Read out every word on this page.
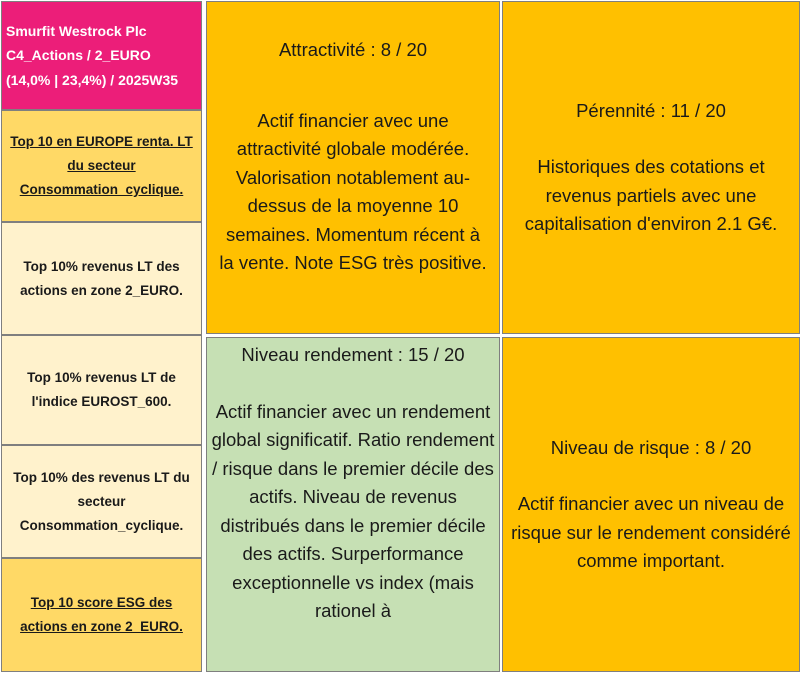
Smurfit Westrock Plc
C4_Actions / 2_EURO
(14,0% | 23,4%) / 2025W35
Top 10 en EUROPE renta. LT du secteur Consommation_cyclique.
Top 10% revenus LT des actions en zone 2_EURO.
Top 10% revenus LT de l'indice EUROST_600.
Top 10% des revenus LT du secteur Consommation_cyclique.
Top 10 score ESG des actions en zone 2_EURO.
Attractivité : 8 / 20
Actif financier avec une attractivité globale modérée. Valorisation notablement au-dessus de la moyenne 10 semaines. Momentum récent à la vente. Note ESG très positive.
Pérennité : 11 / 20
Historiques des cotations et revenus partiels avec une capitalisation d'environ 2.1 G€.
Niveau rendement : 15 / 20
Actif financier avec un rendement global significatif. Ratio rendement / risque dans le premier décile des actifs. Niveau de revenus distribués dans le premier décile des actifs. Surperformance exceptionnelle vs index (mais rationel à
Niveau de risque : 8 / 20
Actif financier avec un niveau de risque sur le rendement considéré comme important.
